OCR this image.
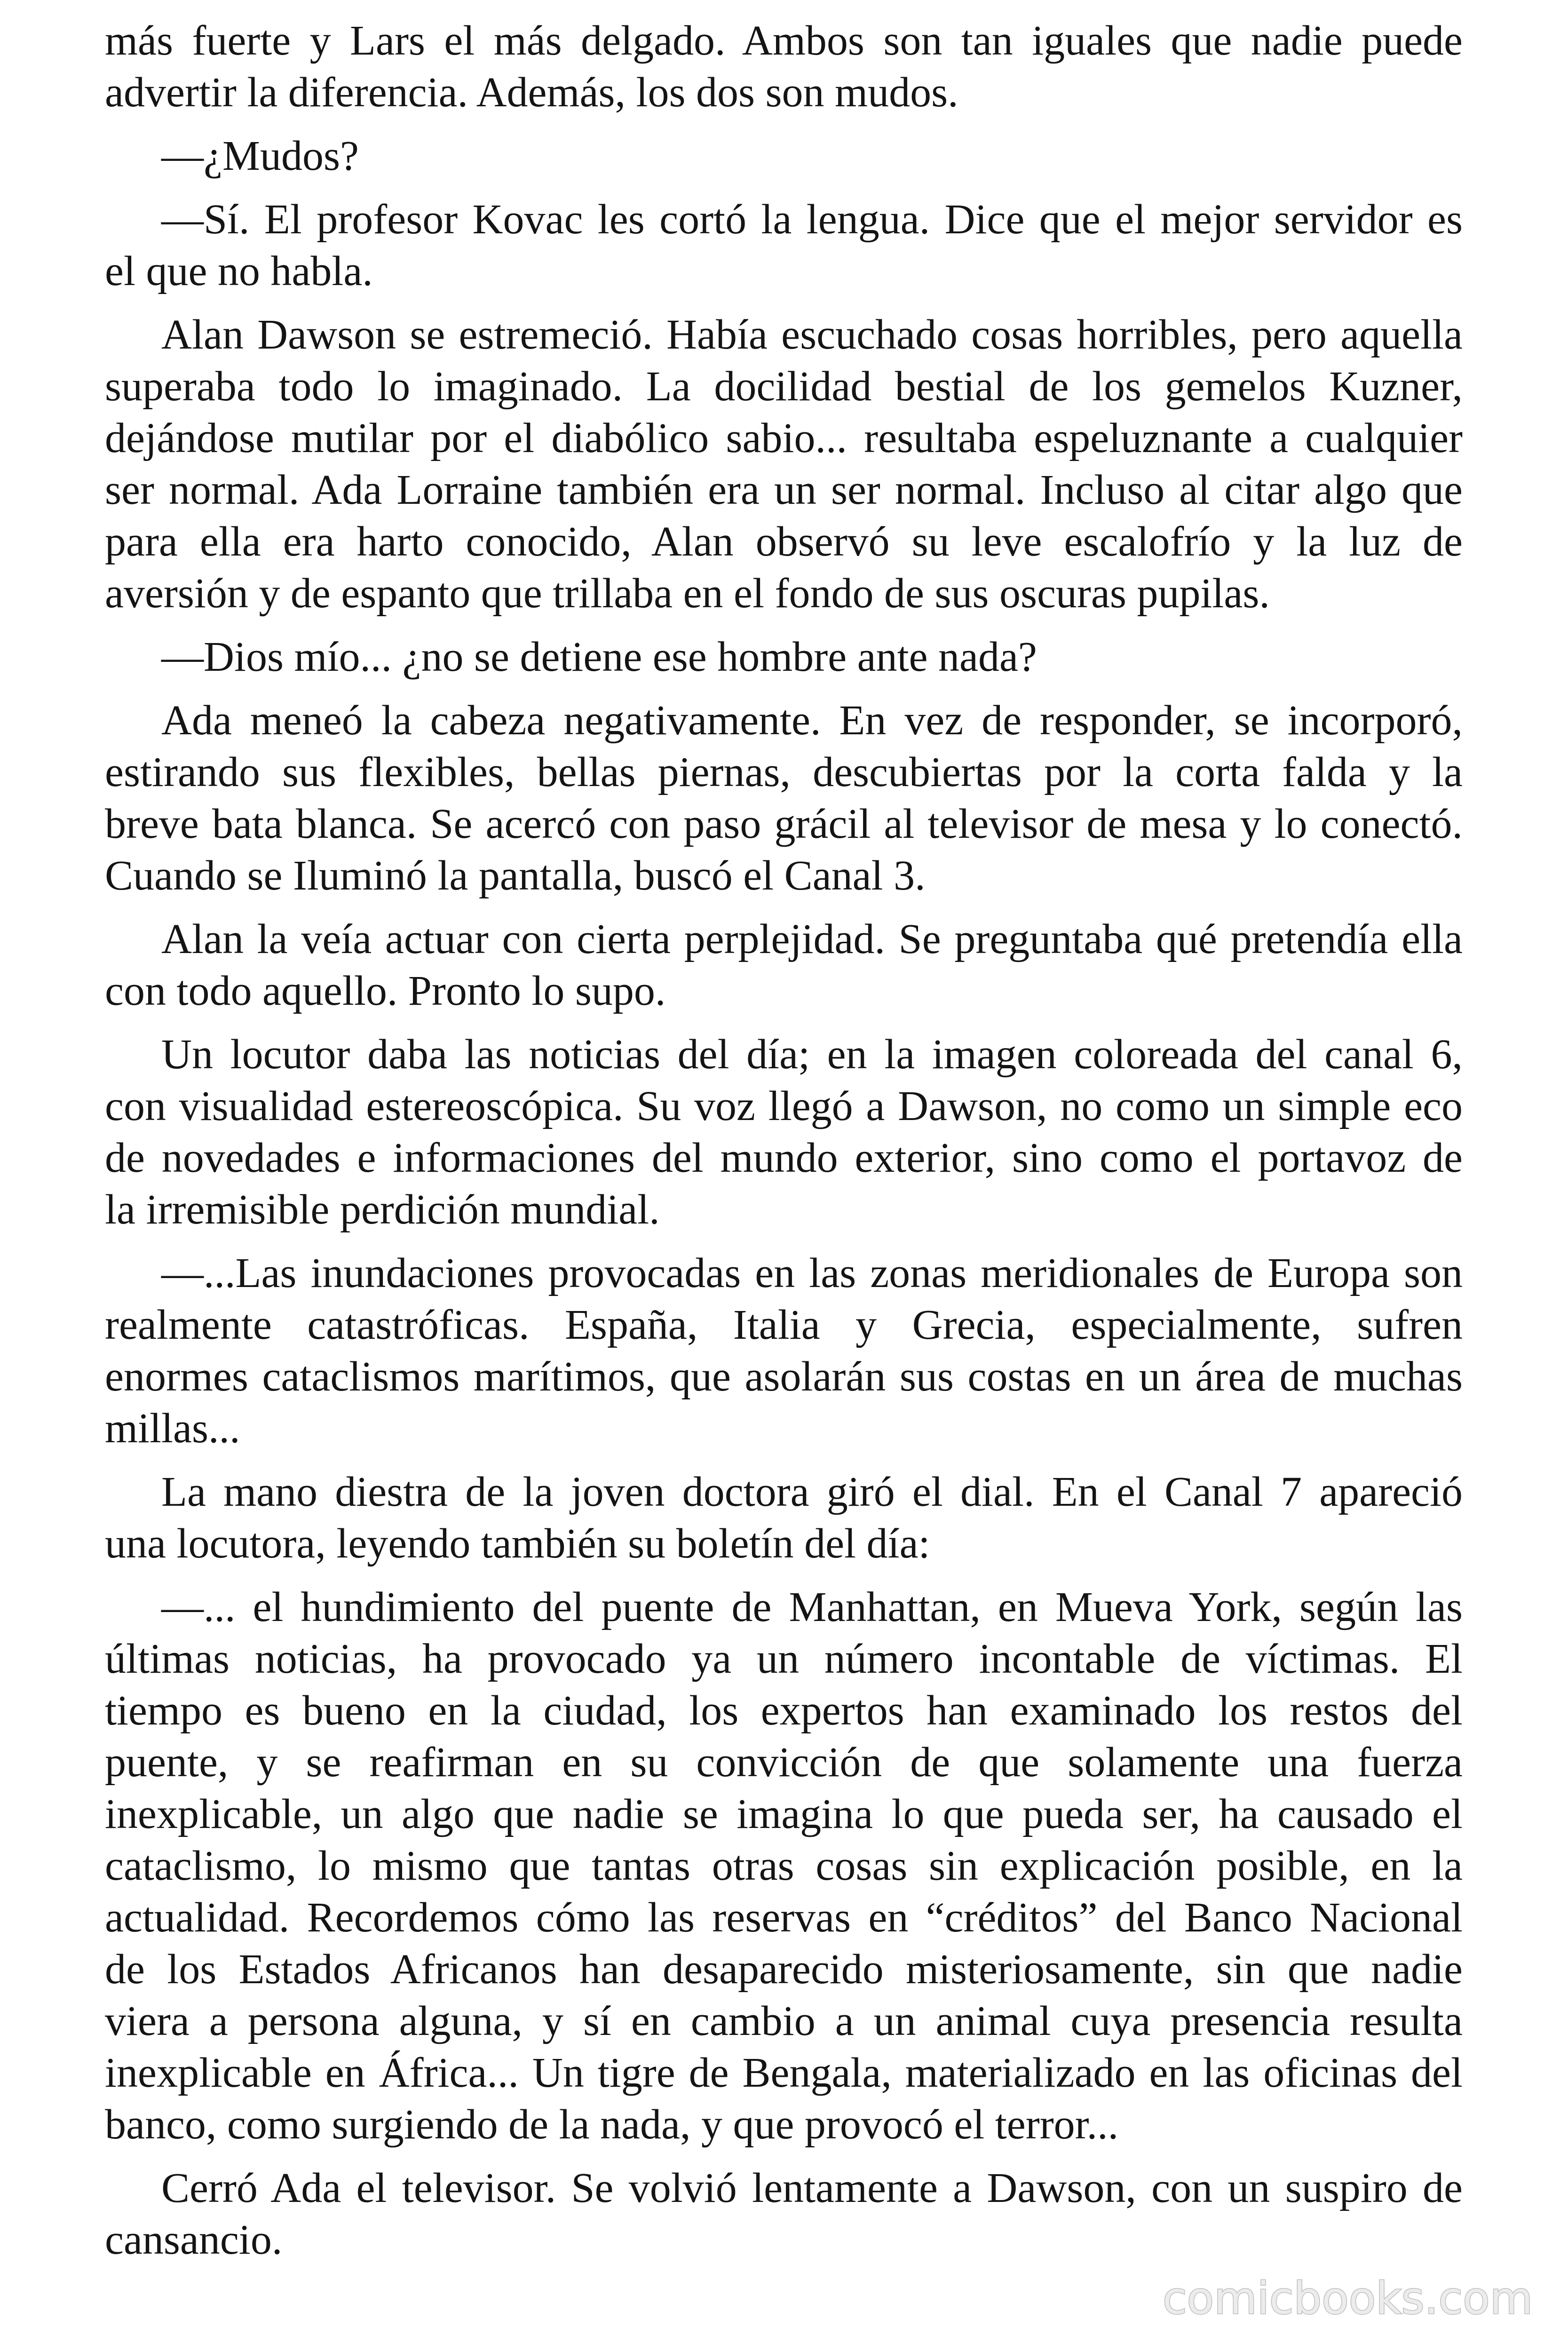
más fuerte y Lars el más delgado. Ambos son tan iguales que nadie puede
advertir la diferencia. Además, los dos son mudos.
—¿Mudos?
—Sí. El profesor Kovac les cortó la lengua. Dice que el mejor servidor es
el que no habla.
Alan Dawson se estremeció. Había escuchado cosas horribles, pero aquella
superaba todo lo imaginado. La docilidad bestial de los gemelos Kuzner,
dejándose mutilar por el diabólico sabio... resultaba espeluznante a cualquier
ser normal. Ada Lorraine también era un ser normal. Incluso al citar algo que
para ella era harto conocido, Alan observó su leve escalofrío y la luz de
aversión y de espanto que trillaba en el fondo de sus oscuras pupilas.
—Dios mío... ¿no se detiene ese hombre ante nada?
Ada meneó la cabeza negativamente. En vez de responder, se incorporó,
estirando sus flexibles, bellas piernas, descubiertas por la corta falda y la
breve bata blanca. Se acercó con paso grácil al televisor de mesa y lo conectó.
Cuando se Iluminó la pantalla, buscó el Canal 3.
Alan la veía actuar con cierta perplejidad. Se preguntaba qué pretendía ella
con todo aquello. Pronto lo supo.
Un locutor daba las noticias del día; en la imagen coloreada del canal 6,
con visualidad estereoscópica. Su voz llegó a Dawson, no como un simple eco
de novedades e informaciones del mundo exterior, sino como el portavoz de
la irremisible perdición mundial.
—...Las inundaciones provocadas en las zonas meridionales de Europa son
realmente catastróficas. España, Italia y Grecia, especialmente, sufren
enormes cataclismos marítimos, que asolarán sus costas en un área de muchas
millas...
La mano diestra de la joven doctora giró el dial. En el Canal 7 apareció
una locutora, leyendo también su boletín del día:
—... el hundimiento del puente de Manhattan, en Mueva York, según las
últimas noticias, ha provocado ya un número incontable de víctimas. El
tiempo es bueno en la ciudad, los expertos han examinado los restos del
puente, y se reafirman en su convicción de que solamente una fuerza
inexplicable, un algo que nadie se imagina lo que pueda ser, ha causado el
cataclismo, lo mismo que tantas otras cosas sin explicación posible, en la
actualidad. Recordemos cómo las reservas en “créditos” del Banco Nacional
de los Estados Africanos han desaparecido misteriosamente, sin que nadie
viera a persona alguna, y sí en cambio a un animal cuya presencia resulta
inexplicable en África... Un tigre de Bengala, materializado en las oficinas del
banco, como surgiendo de la nada, y que provocó el terror...
Cerró Ada el televisor. Se volvió lentamente a Dawson, con un suspiro de
cansancio.
comicbooks.com
